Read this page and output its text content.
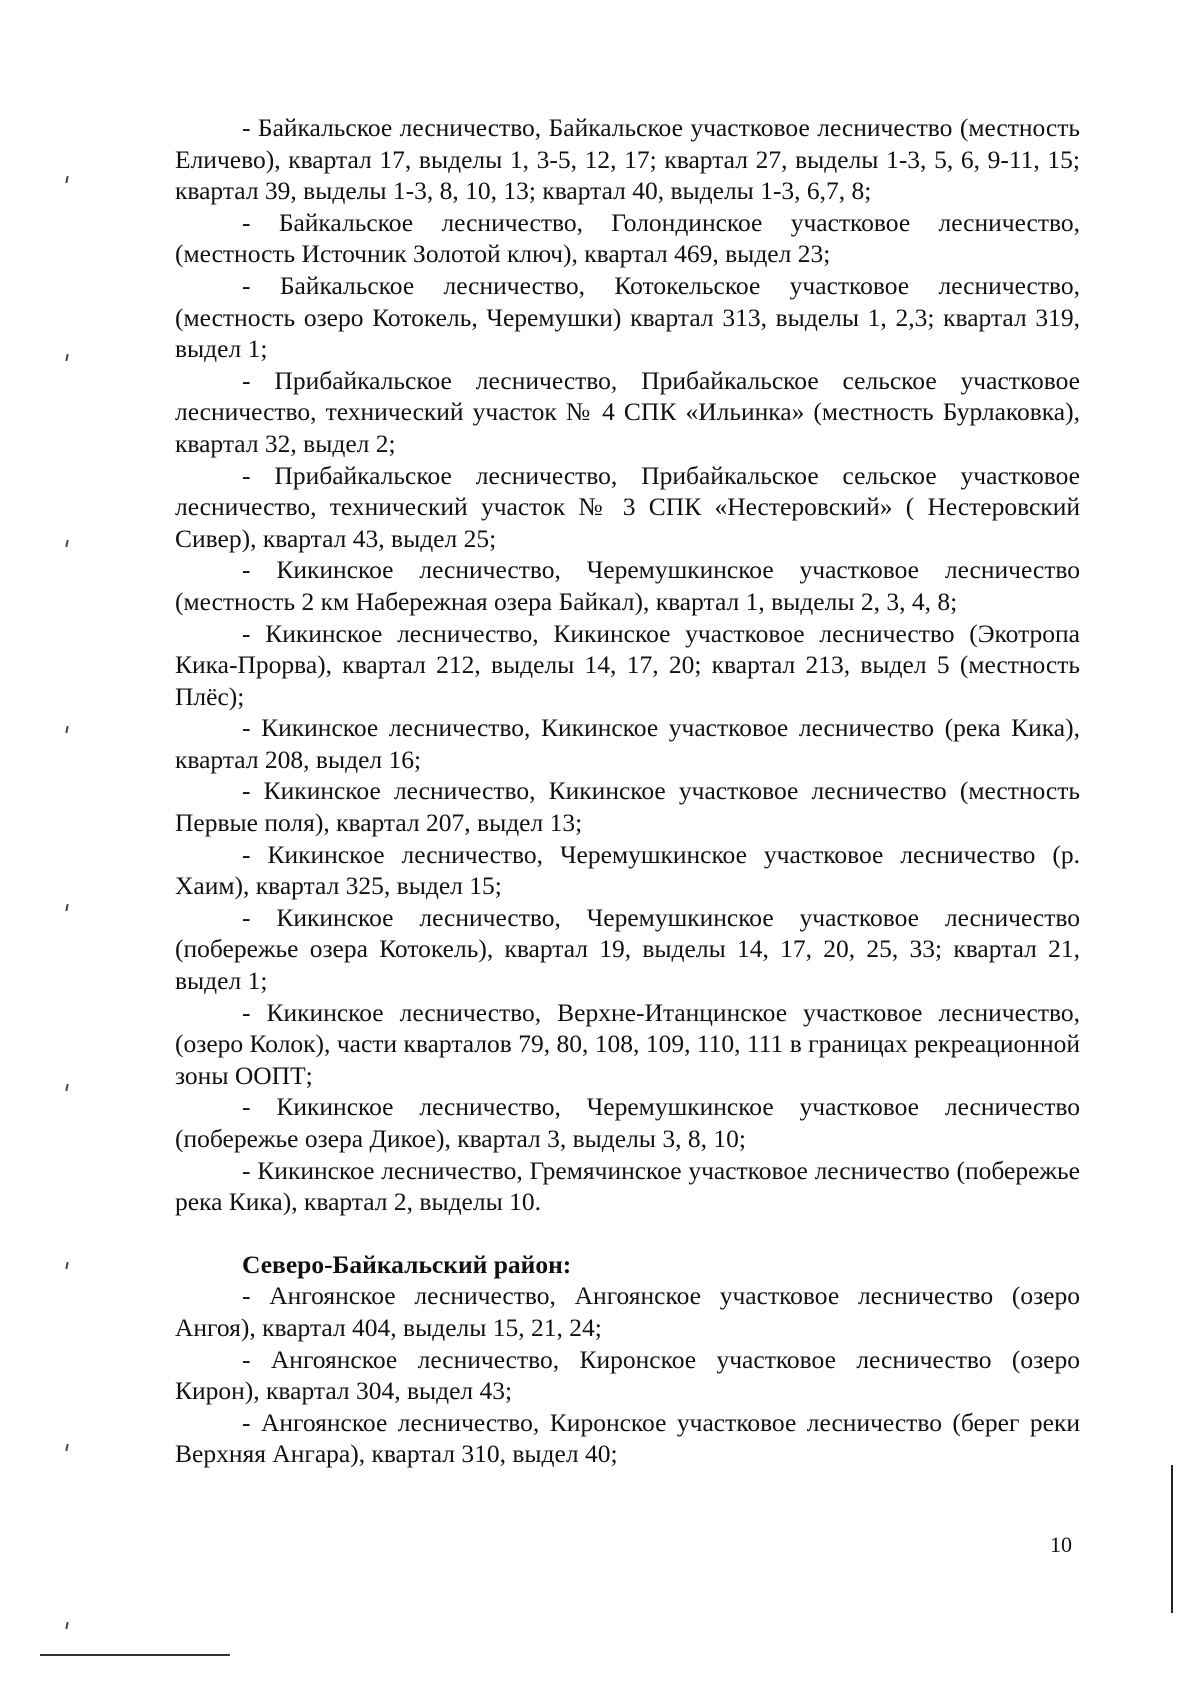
- Байкальское лесничество, Байкальское участковое лесничество (местность Еличево), квартал 17, выделы 1, 3-5, 12, 17; квартал 27, выделы 1-3, 5, 6, 9-11, 15; квартал 39, выделы 1-3, 8, 10, 13; квартал 40, выделы 1-3, 6,7, 8;

- Байкальское лесничество, Голондинское участковое лесничество, (местность Источник Золотой ключ), квартал 469, выдел 23;

- Байкальское лесничество, Котокельское участковое лесничество, (местность озеро Котокель, Черемушки) квартал 313, выделы 1, 2,3; квартал 319, выдел 1;

- Прибайкальское лесничество, Прибайкальское сельское участковое лесничество, технический участок № 4 СПК «Ильинка» (местность Бурлаковка), квартал 32, выдел 2;

- Прибайкальское лесничество, Прибайкальское сельское участковое лесничество, технический участок № 3 СПК «Нестеровский» ( Нестеровский Сивер), квартал 43, выдел 25;

- Кикинское лесничество, Черемушкинское участковое лесничество (местность 2 км Набережная озера Байкал), квартал 1, выделы 2, 3, 4, 8;

- Кикинское лесничество, Кикинское участковое лесничество (Экотропа Кика-Прорва), квартал 212, выделы 14, 17, 20; квартал 213, выдел 5 (местность Плёс);

- Кикинское лесничество, Кикинское участковое лесничество (река Кика), квартал 208, выдел 16;

- Кикинское лесничество, Кикинское участковое лесничество (местность Первые поля), квартал 207, выдел 13;

- Кикинское лесничество, Черемушкинское участковое лесничество (р. Хаим), квартал 325, выдел 15;

- Кикинское лесничество, Черемушкинское участковое лесничество (побережье озера Котокель), квартал 19, выделы 14, 17, 20, 25, 33; квартал 21, выдел 1;

- Кикинское лесничество, Верхне-Итанцинское участковое лесничество, (озеро Колок), части кварталов 79, 80, 108, 109, 110, 111 в границах рекреационной зоны ООПТ;

- Кикинское лесничество, Черемушкинское участковое лесничество (побережье озера Дикое), квартал 3, выделы 3, 8, 10;

- Кикинское лесничество, Гремячинское участковое лесничество (побережье река Кика), квартал 2, выделы 10.

Северо-Байкальский район:

- Ангоянское лесничество, Ангоянское участковое лесничество (озеро Ангоя), квартал 404, выделы 15, 21, 24;

- Ангоянское лесничество, Киронское участковое лесничество (озеро Кирон), квартал 304, выдел 43;

- Ангоянское лесничество, Киронское участковое лесничество (берег реки Верхняя Ангара), квартал 310, выдел 40;

10
